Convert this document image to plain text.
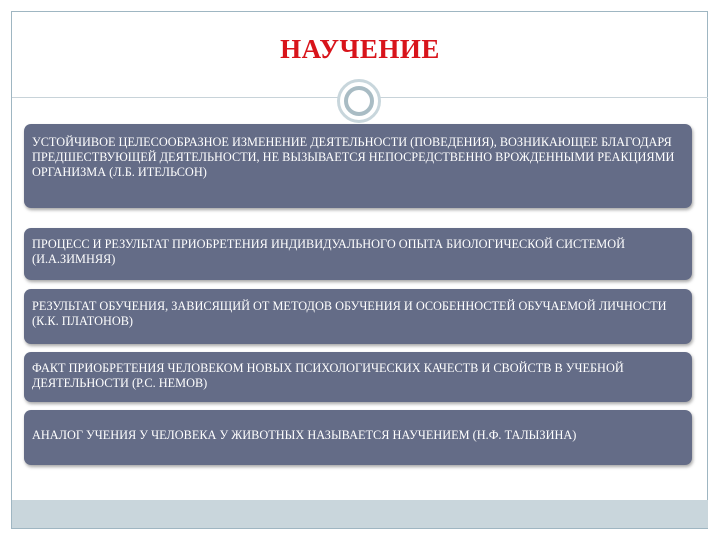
НАУЧЕНИЕ
УСТОЙЧИВОЕ ЦЕЛЕСООБРАЗНОЕ ИЗМЕНЕНИЕ ДЕЯТЕЛЬНОСТИ (ПОВЕДЕНИЯ), ВОЗНИКАЮЩЕЕ БЛАГОДАРЯ ПРЕДШЕСТВУЮЩЕЙ ДЕЯТЕЛЬНОСТИ, НЕ ВЫЗЫВАЕТСЯ НЕПОСРЕДСТВЕННО ВРОЖДЕННЫМИ РЕАКЦИЯМИ ОРГАНИЗМА (Л.Б. ИТЕЛЬСОН)
ПРОЦЕСС И РЕЗУЛЬТАТ ПРИОБРЕТЕНИЯ ИНДИВИДУАЛЬНОГО ОПЫТА БИОЛОГИЧЕСКОЙ СИСТЕМОЙ (И.А.ЗИМНЯЯ)
РЕЗУЛЬТАТ ОБУЧЕНИЯ, ЗАВИСЯЩИЙ ОТ МЕТОДОВ ОБУЧЕНИЯ И ОСОБЕННОСТЕЙ ОБУЧАЕМОЙ ЛИЧНОСТИ (К.К. ПЛАТОНОВ)
ФАКТ ПРИОБРЕТЕНИЯ ЧЕЛОВЕКОМ НОВЫХ ПСИХОЛОГИЧЕСКИХ КАЧЕСТВ И СВОЙСТВ В УЧЕБНОЙ ДЕЯТЕЛЬНОСТИ (Р.С. НЕМОВ)
АНАЛОГ УЧЕНИЯ У ЧЕЛОВЕКА У ЖИВОТНЫХ НАЗЫВАЕТСЯ НАУЧЕНИЕМ (Н.Ф. ТАЛЫЗИНА)
